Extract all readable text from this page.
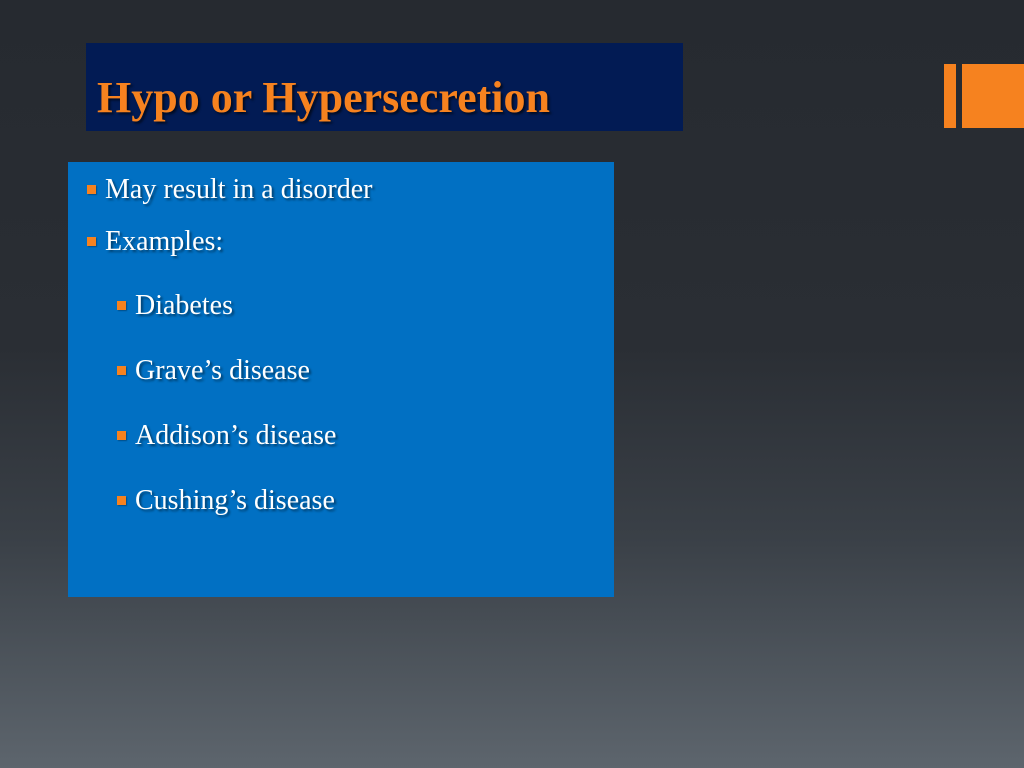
Hypo or Hypersecretion
May result in a disorder
Examples:
Diabetes
Grave’s disease
Addison’s disease
Cushing’s disease
